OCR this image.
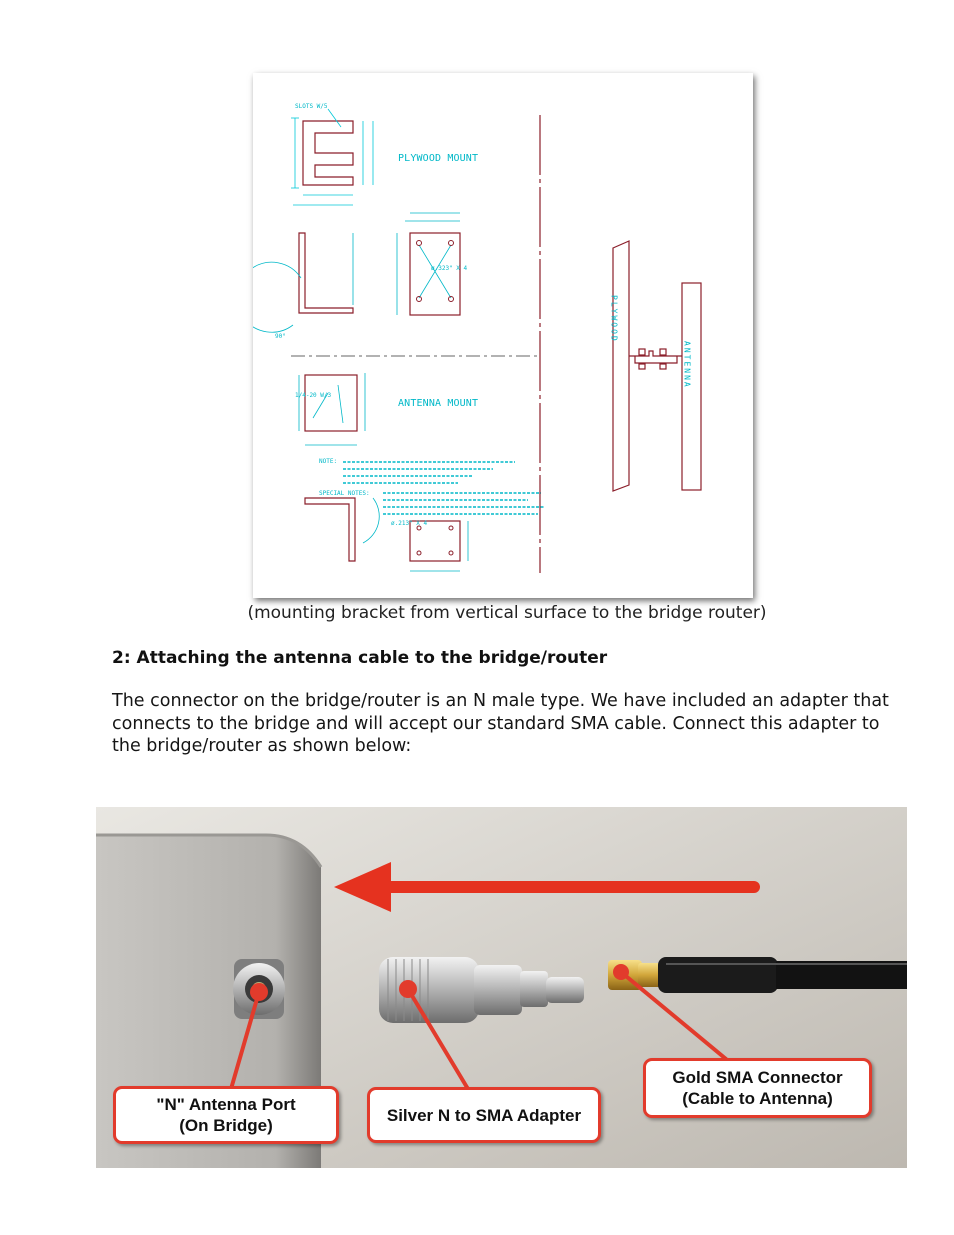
SLOTS W/5
PLYWOOD MOUNT
90°
ø.323" X 4
1/4-20 W/3
ANTENNA MOUNT
NOTE:
SPECIAL NOTES:
ø.213" X 4
PLYWOOD
ANTENNA
(mounting bracket from vertical surface to the bridge router)
2: Attaching the antenna cable to the bridge/router
The connector on the bridge/router is an N male type. We have included an adapter that connects to the bridge and will accept our standard SMA cable. Connect this adapter to the bridge/router as shown below:
"N" Antenna Port
(On Bridge)
Silver N to SMA Adapter
Gold SMA Connector
(Cable to Antenna)
